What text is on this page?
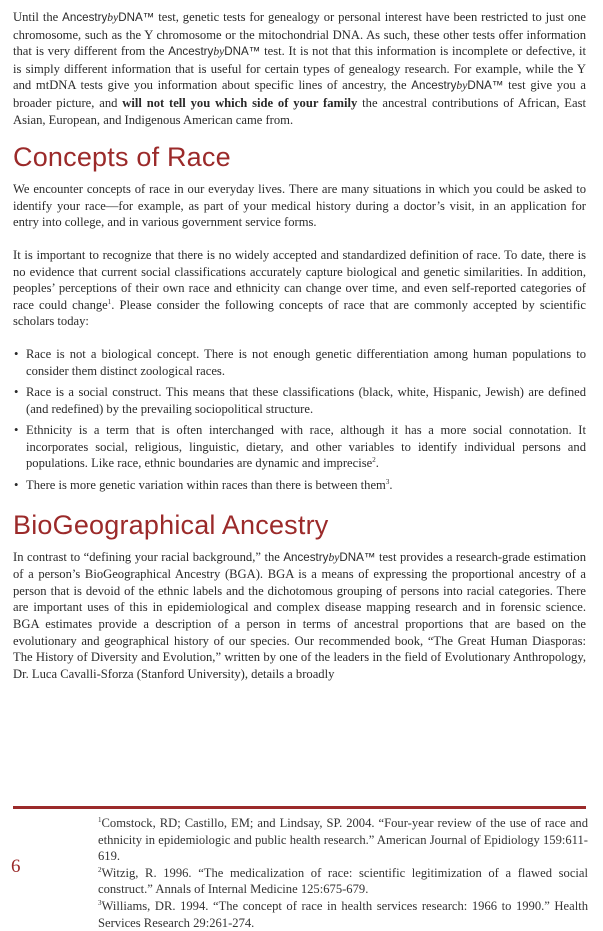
Until the AncestrybyDNA™ test, genetic tests for genealogy or personal interest have been restricted to just one chromosome, such as the Y chromosome or the mitochondrial DNA. As such, these other tests offer information that is very different from the AncestrybyDNA™ test. It is not that this information is incomplete or defective, it is simply different information that is useful for certain types of genealogy research. For example, while the Y and mtDNA tests give you information about specific lines of ancestry, the AncestrybyDNA™ test give you a broader picture, and will not tell you which side of your family the ancestral contributions of African, East Asian, European, and Indigenous American came from.

Concepts of Race

We encounter concepts of race in our everyday lives. There are many situations in which you could be asked to identify your race—for example, as part of your medical history during a doctor’s visit, in an application for entry into college, and in various government service forms.

It is important to recognize that there is no widely accepted and standardized definition of race. To date, there is no evidence that current social classifications accurately capture biological and genetic similarities. In addition, peoples’ perceptions of their own race and ethnicity can change over time, and even self-reported categories of race could change$^1$. Please consider the following concepts of race that are commonly accepted by scientific scholars today:

• Race is not a biological concept. There is not enough genetic differentiation among human populations to consider them distinct zoological races.
• Race is a social construct. This means that these classifications (black, white, Hispanic, Jewish) are defined (and redefined) by the prevailing sociopolitical structure.
• Ethnicity is a term that is often interchanged with race, although it has a more social connotation. It incorporates social, religious, linguistic, dietary, and other variables to identify individual persons and populations. Like race, ethnic boundaries are dynamic and imprecise$^2$.
• There is more genetic variation within races than there is between them$^3$.
BioGeographical Ancestry

In contrast to “defining your racial background,” the AncestrybyDNA™ test provides a research-grade estimation of a person’s BioGeographical Ancestry (BGA). BGA is a means of expressing the proportional ancestry of a person that is devoid of the ethnic labels and the dichotomous grouping of persons into racial categories. There are important uses of this in epidemiological and complex disease mapping research and in forensic science. BGA estimates provide a description of a person in terms of ancestral proportions that are based on the evolutionary and geographical history of our species. Our recommended book, “The Great Human Diasporas: The History of Diversity and Evolution,” written by one of the leaders in the field of Evolutionary Anthropology, Dr. Luca Cavalli-Sforza (Stanford University), details a broadly

$^1$Comstock, RD; Castillo, EM; and Lindsay, SP. 2004. “Four-year review of the use of race and ethnicity in epidemiologic and public health research.” American Journal of Epidiology 159:611-619.

$^2$Witzig, R. 1996. “The medicalization of race: scientific legitimization of a flawed social construct.” Annals of Internal Medicine 125:675-679.

$^3$Williams, DR. 1994. “The concept of race in health services research: 1966 to 1990.” Health Services Research 29:261-274.

6
